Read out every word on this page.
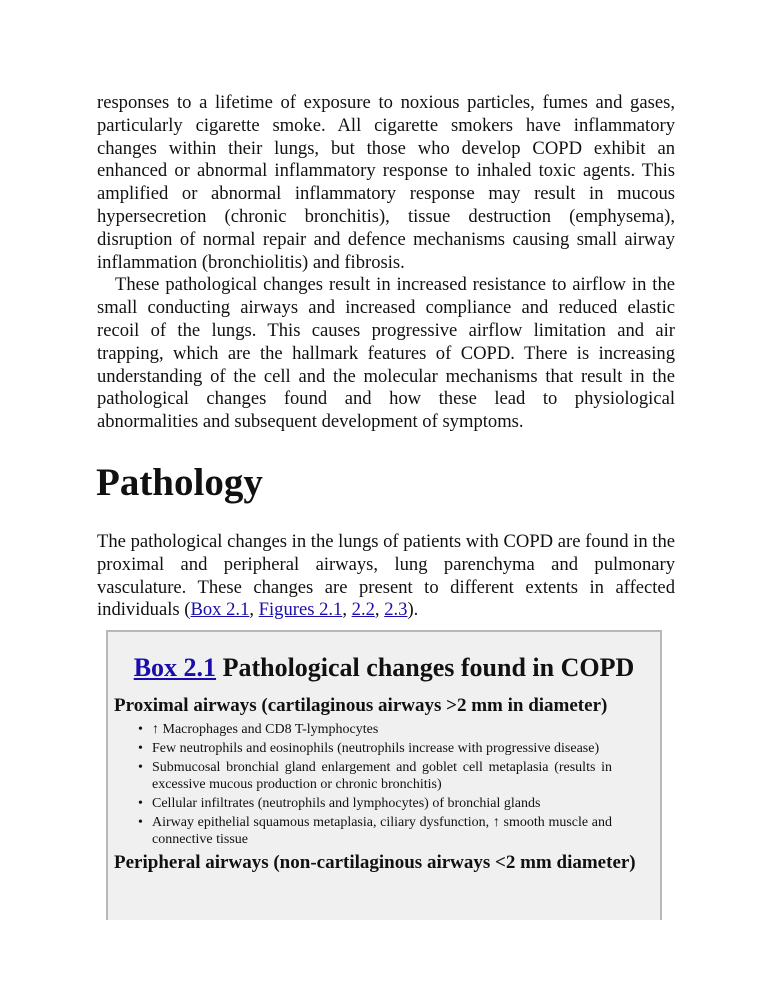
responses to a lifetime of exposure to noxious particles, fumes and gases, particularly cigarette smoke. All cigarette smokers have inflammatory changes within their lungs, but those who develop COPD exhibit an enhanced or abnormal inflammatory response to inhaled toxic agents. This amplified or abnormal inflammatory response may result in mucous hypersecretion (chronic bronchitis), tissue destruction (emphysema), disruption of normal repair and defence mechanisms causing small airway inflammation (bronchiolitis) and fibrosis.

These pathological changes result in increased resistance to airflow in the small conducting airways and increased compliance and reduced elastic recoil of the lungs. This causes progressive airflow limitation and air trapping, which are the hallmark features of COPD. There is increasing understanding of the cell and the molecular mechanisms that result in the pathological changes found and how these lead to physiological abnormalities and subsequent development of symptoms.

Pathology

The pathological changes in the lungs of patients with COPD are found in the proximal and peripheral airways, lung parenchyma and pulmonary vasculature. These changes are present to different extents in affected individuals (Box 2.1, Figures 2.1, 2.2, 2.3).

Box 2.1 Pathological changes found in COPD
Proximal airways (cartilaginous airways >2 mm in diameter)
• ↑ Macrophages and CD8 T-lymphocytes
• Few neutrophils and eosinophils (neutrophils increase with progressive disease)
• Submucosal bronchial gland enlargement and goblet cell metaplasia (results in excessive mucous production or chronic bronchitis)
• Cellular infiltrates (neutrophils and lymphocytes) of bronchial glands
• Airway epithelial squamous metaplasia, ciliary dysfunction, ↑ smooth muscle and connective tissue
Peripheral airways (non-cartilaginous airways <2 mm diameter)
